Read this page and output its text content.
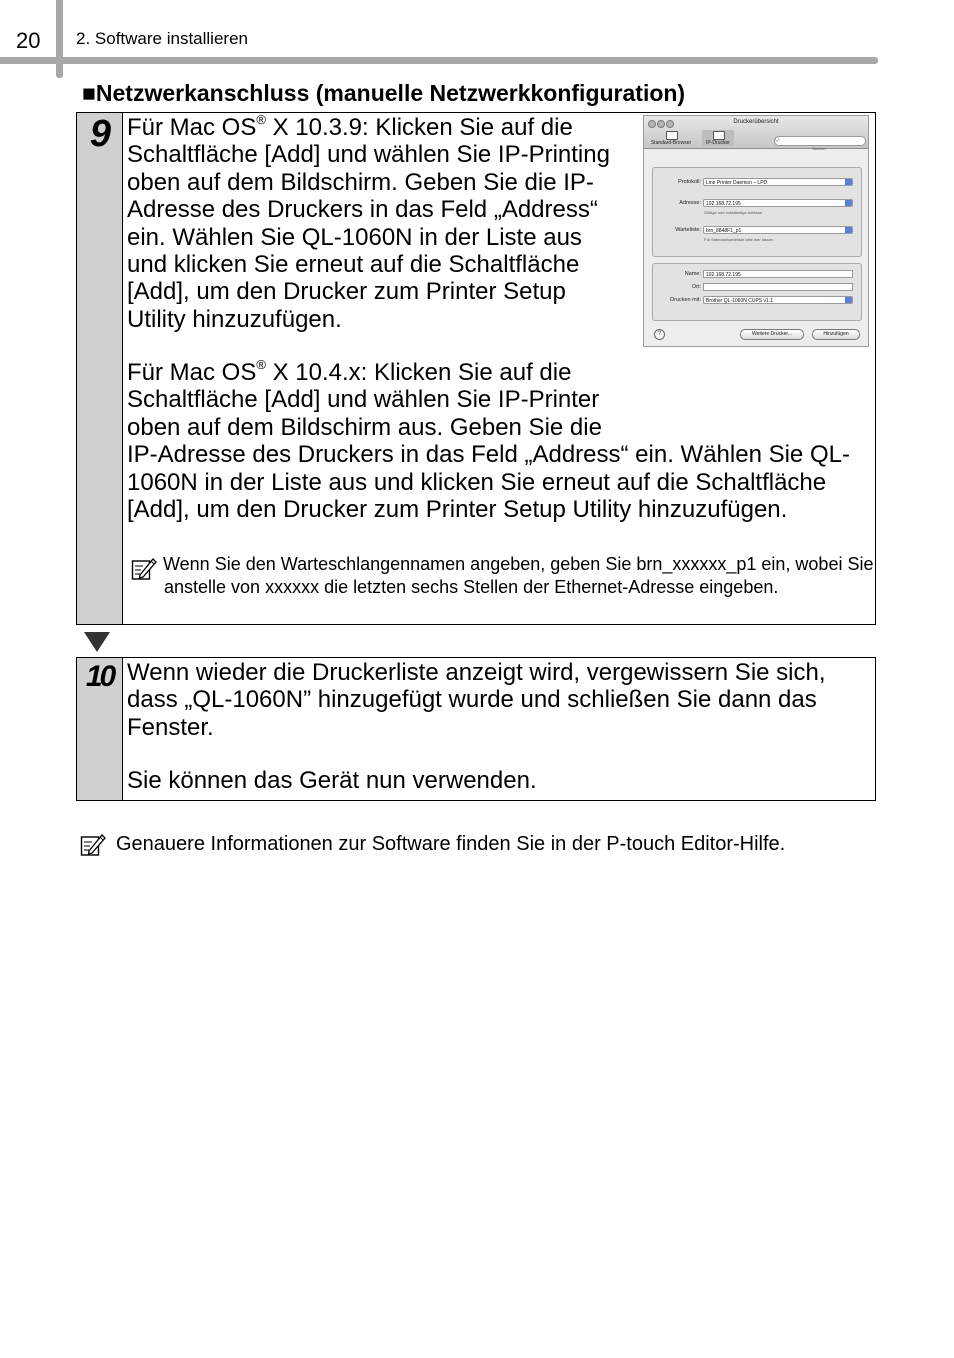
20 2. Software installieren
■Netzwerkanschluss (manuelle Netzwerkkonfiguration)
9 Für Mac OS® X 10.3.9: Klicken Sie auf die Schaltfläche [Add] und wählen Sie IP-Printing oben auf dem Bildschirm. Geben Sie die IP-Adresse des Druckers in das Feld „Address“ ein. Wählen Sie QL-1060N in der Liste aus und klicken Sie erneut auf die Schaltfläche [Add], um den Drucker zum Printer Setup Utility hinzuzufügen.
Für Mac OS® X 10.4.x: Klicken Sie auf die
Schaltfläche [Add] und wählen Sie IP-Printer
oben auf dem Bildschirm aus. Geben Sie die
IP-Adresse des Druckers in das Feld „Address“ ein. Wählen Sie QL-1060N in der Liste aus und klicken Sie erneut auf die Schaltfläche [Add], um den Drucker zum Printer Setup Utility hinzuzufügen.
Wenn Sie den Warteschlangennamen angeben, geben Sie brn_xxxxxx_p1 ein, wobei Sie anstelle von xxxxxx die letzten sechs Stellen der Ethernet-Adresse eingeben.
Druckerübersicht
Standard-Browser	IP-Drucker	Q-
Suchen
Protokoll:	Line Printer Daemon – LPD
Adresse:	192.168.72.195
Gültige und vollständige Adresse
Warteliste:	brn_8848F1_p1
Für Standardwarteliste bitte leer lassen
Name:	192.168.72.195
Ort:
Drucken mit:	Brother QL-1060N CUPS v1.1
?	Weitere Drucker...	Hinzufügen
10 Wenn wieder die Druckerliste anzeigt wird, vergewissern Sie sich, dass „QL-1060N” hinzugefügt wurde und schließen Sie dann das Fenster.
Sie können das Gerät nun verwenden.
Genauere Informationen zur Software finden Sie in der P-touch Editor-Hilfe.
